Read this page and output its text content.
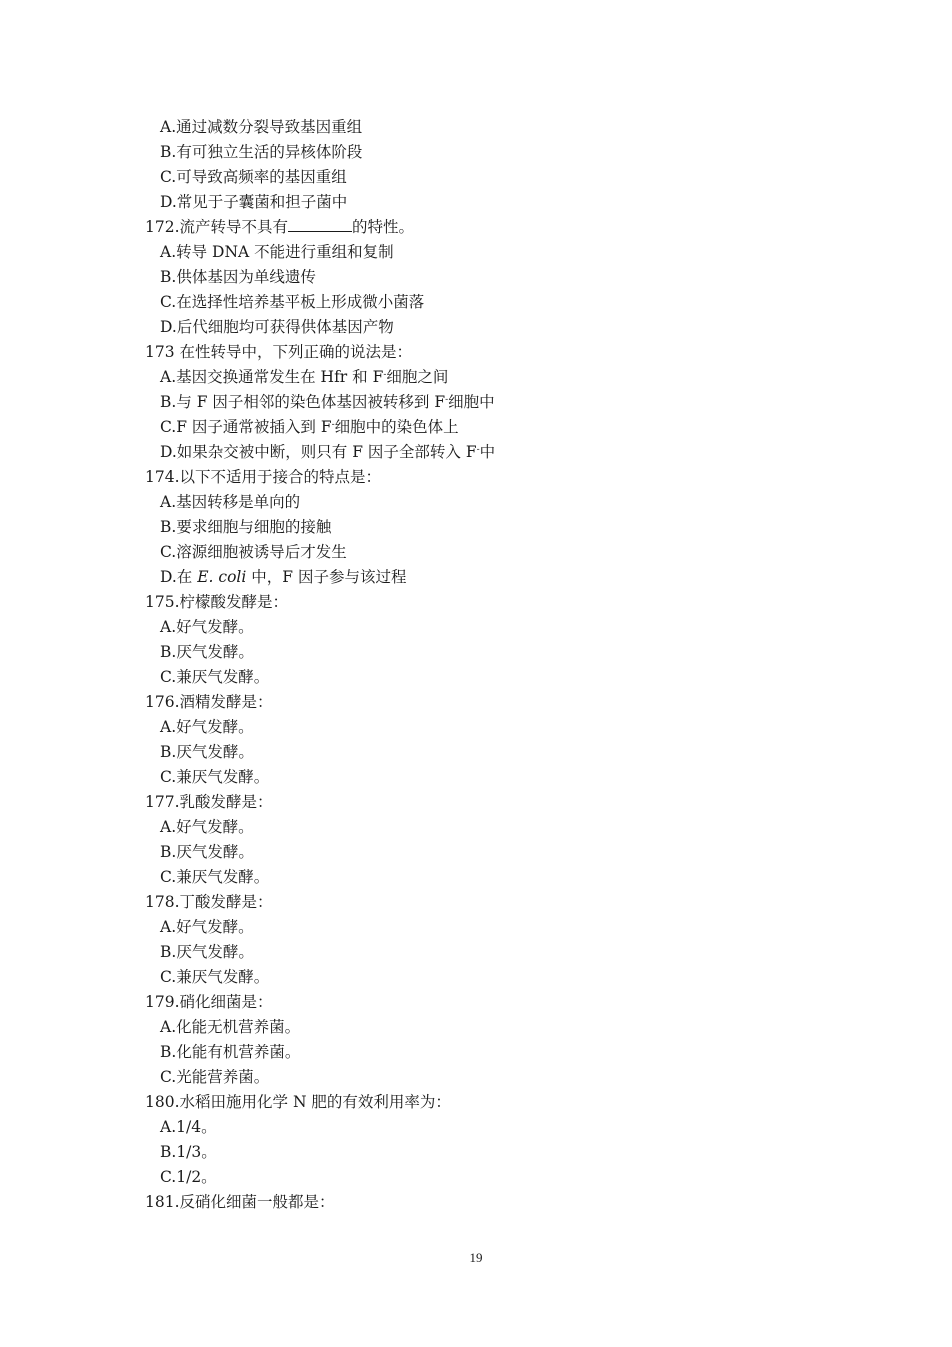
A.通过减数分裂导致基因重组
B.有可独立生活的异核体阶段
C.可导致高频率的基因重组
D.常见于子囊菌和担子菌中
172.流产转导不具有	的特性。
A.转导 DNA 不能进行重组和复制
B.供体基因为单线遗传
C.在选择性培养基平板上形成微小菌落
D.后代细胞均可获得供体基因产物
173 在性转导中，下列正确的说法是：
A.基因交换通常发生在 Hfr 和 F-细胞之间
B.与 F 因子相邻的染色体基因被转移到 F-细胞中
C.F 因子通常被插入到 F-细胞中的染色体上
D.如果杂交被中断，则只有 F 因子全部转入 F-中
174.以下不适用于接合的特点是：
A.基因转移是单向的
B.要求细胞与细胞的接触
C.溶源细胞被诱导后才发生
D.在 E. coli 中，F 因子参与该过程
175.柠檬酸发酵是：
A.好气发酵。
B.厌气发酵。
C.兼厌气发酵。
176.酒精发酵是：
A.好气发酵。
B.厌气发酵。
C.兼厌气发酵。
177.乳酸发酵是：
A.好气发酵。
B.厌气发酵。
C.兼厌气发酵。
178.丁酸发酵是：
A.好气发酵。
B.厌气发酵。
C.兼厌气发酵。
179.硝化细菌是：
A.化能无机营养菌。
B.化能有机营养菌。
C.光能营养菌。
180.水稻田施用化学 N 肥的有效利用率为：
A.1/4。
B.1/3。
C.1/2。
181.反硝化细菌一般都是：
19
